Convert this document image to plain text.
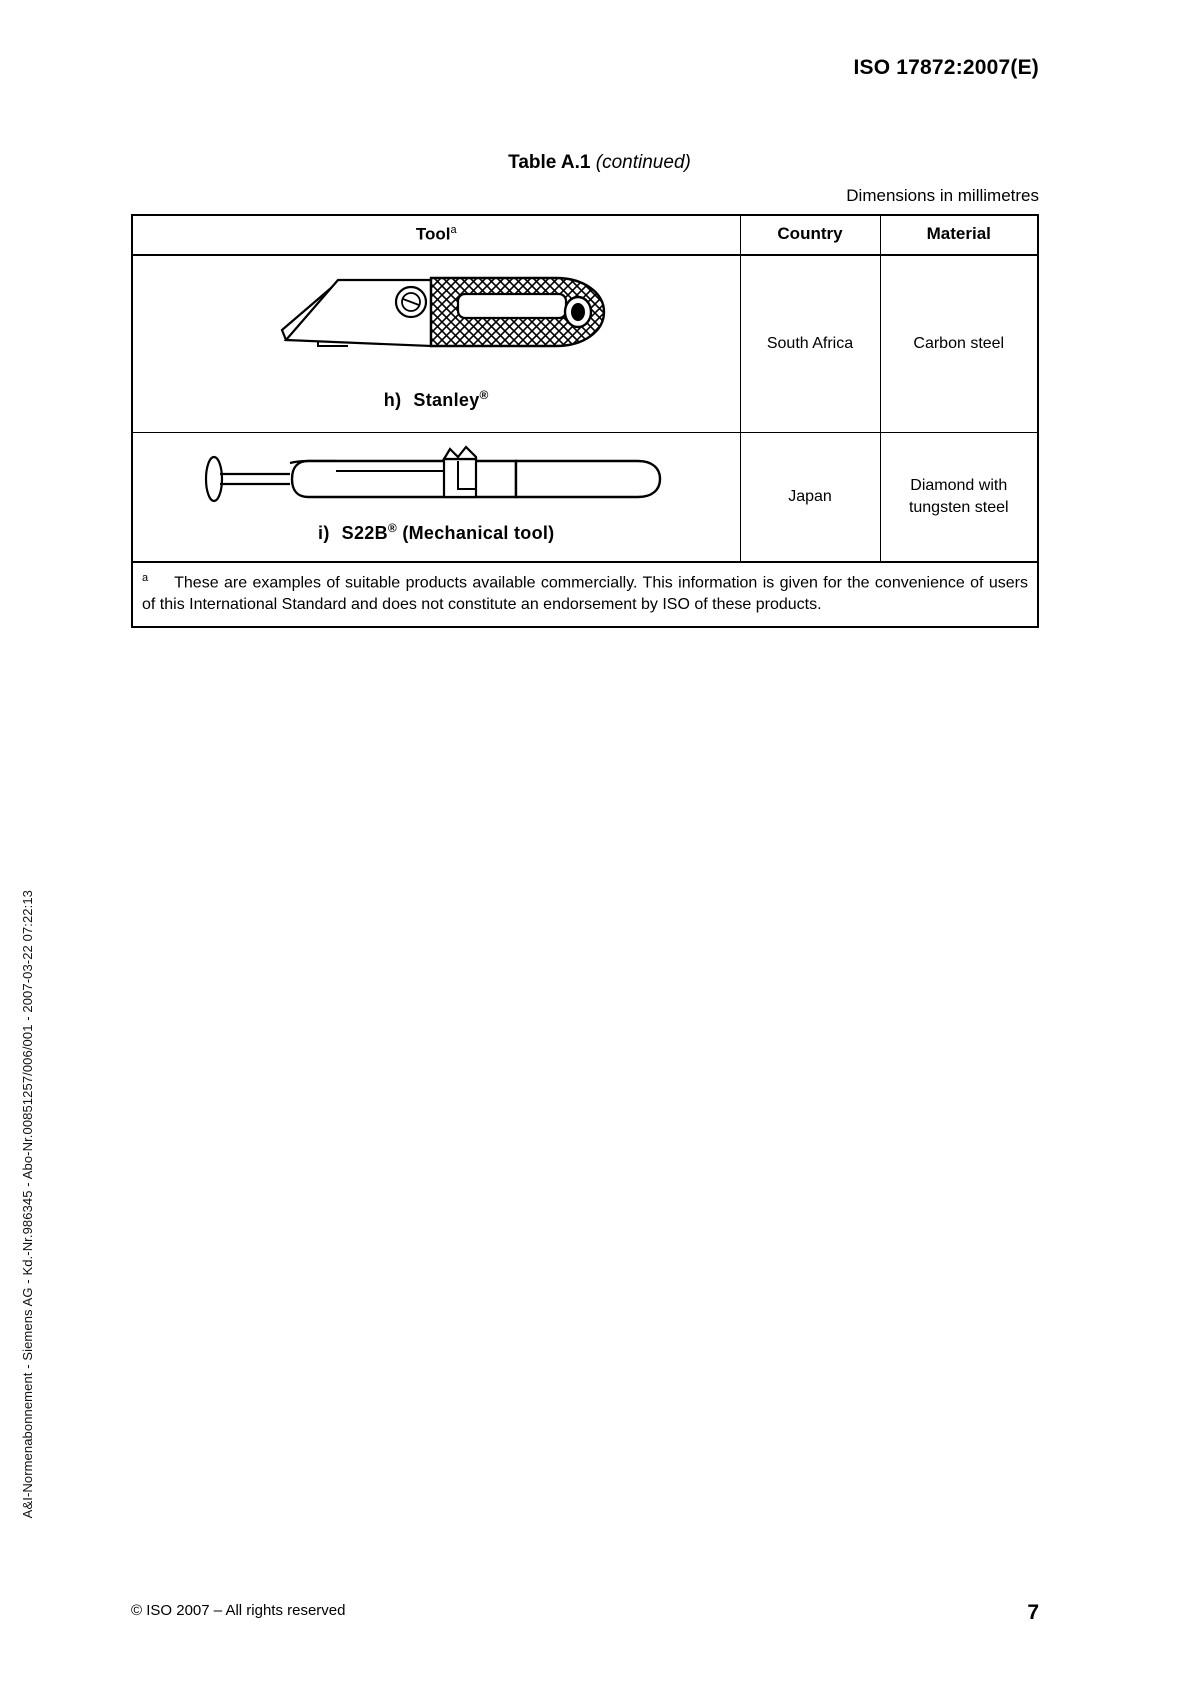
ISO 17872:2007(E)
Table A.1 (continued)
Dimensions in millimetres
Tool$^a$	Country	Material

h) Stanley®	South Africa	Carbon steel

i) S22B® (Mechanical tool)	Japan	Diamond with
tungsten steel
$^a$ These are examples of suitable products available commercially. This information is given for the convenience of users of this International Standard and does not constitute an endorsement by ISO of these products.		
A&I-Normenabonnement - Siemens AG - Kd.-Nr.986345 - Abo-Nr.00851257/006/001 - 2007-03-22 07:22:13
© ISO 2007 – All rights reserved	7
